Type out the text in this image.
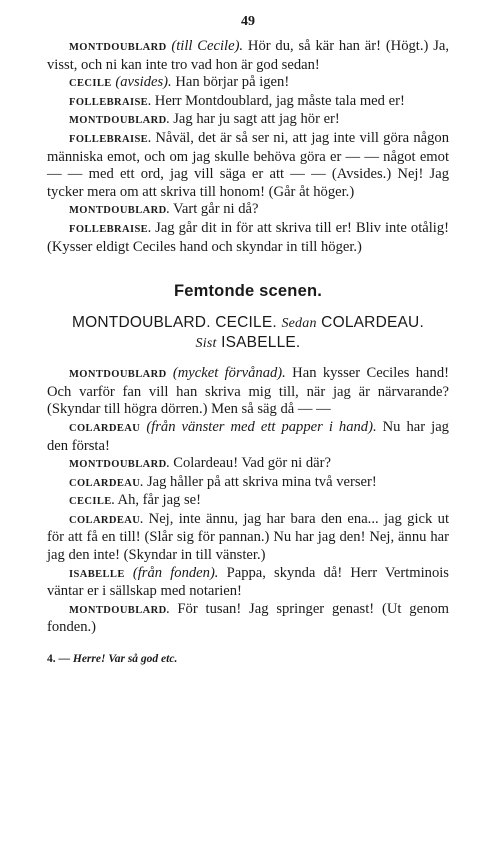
49

MONTDOUBLARD (till Cecile). Hör du, så kär han är! (Högt.) Ja, visst, och ni kan inte tro vad hon är god sedan!

CECILE (avsides). Han börjar på igen!

FOLLEBRAISE. Herr Montdoublard, jag måste tala med er!

MONTDOUBLARD. Jag har ju sagt att jag hör er!

FOLLEBRAISE. Nåväl, det är så ser ni, att jag inte vill göra någon människa emot, och om jag skulle behöva göra er — — något emot — — med ett ord, jag vill säga er att — — (Avsides.) Nej! Jag tycker mera om att skriva till honom! (Går åt höger.)

MONTDOUBLARD. Vart går ni då?

FOLLEBRAISE. Jag går dit in för att skriva till er! Bliv inte otålig! (Kysser eldigt Ceciles hand och skyndar in till höger.)

Femtonde scenen.

MONTDOUBLARD. CECILE. Sedan COLARDEAU.

Sist ISABELLE.

MONTDOUBLARD (mycket förvånad). Han kysser Ceciles hand! Och varför fan vill han skriva mig till, när jag är närvarande? (Skyndar till högra dörren.) Men så säg då — —

COLARDEAU (från vänster med ett papper i hand). Nu har jag den första!

MONTDOUBLARD. Colardeau! Vad gör ni där?

COLARDEAU. Jag håller på att skriva mina två verser!

CECILE. Ah, får jag se!

COLARDEAU. Nej, inte ännu, jag har bara den ena... jag gick ut för att få en till! (Slår sig för pannan.) Nu har jag den! Nej, ännu har jag den inte! (Skyndar in till vänster.)

ISABELLE (från fonden). Pappa, skynda då! Herr Vertminois väntar er i sällskap med notarien!

MONTDOUBLARD. För tusan! Jag springer genast! (Ut genom fonden.)

4. — Herre! Var så god etc.
